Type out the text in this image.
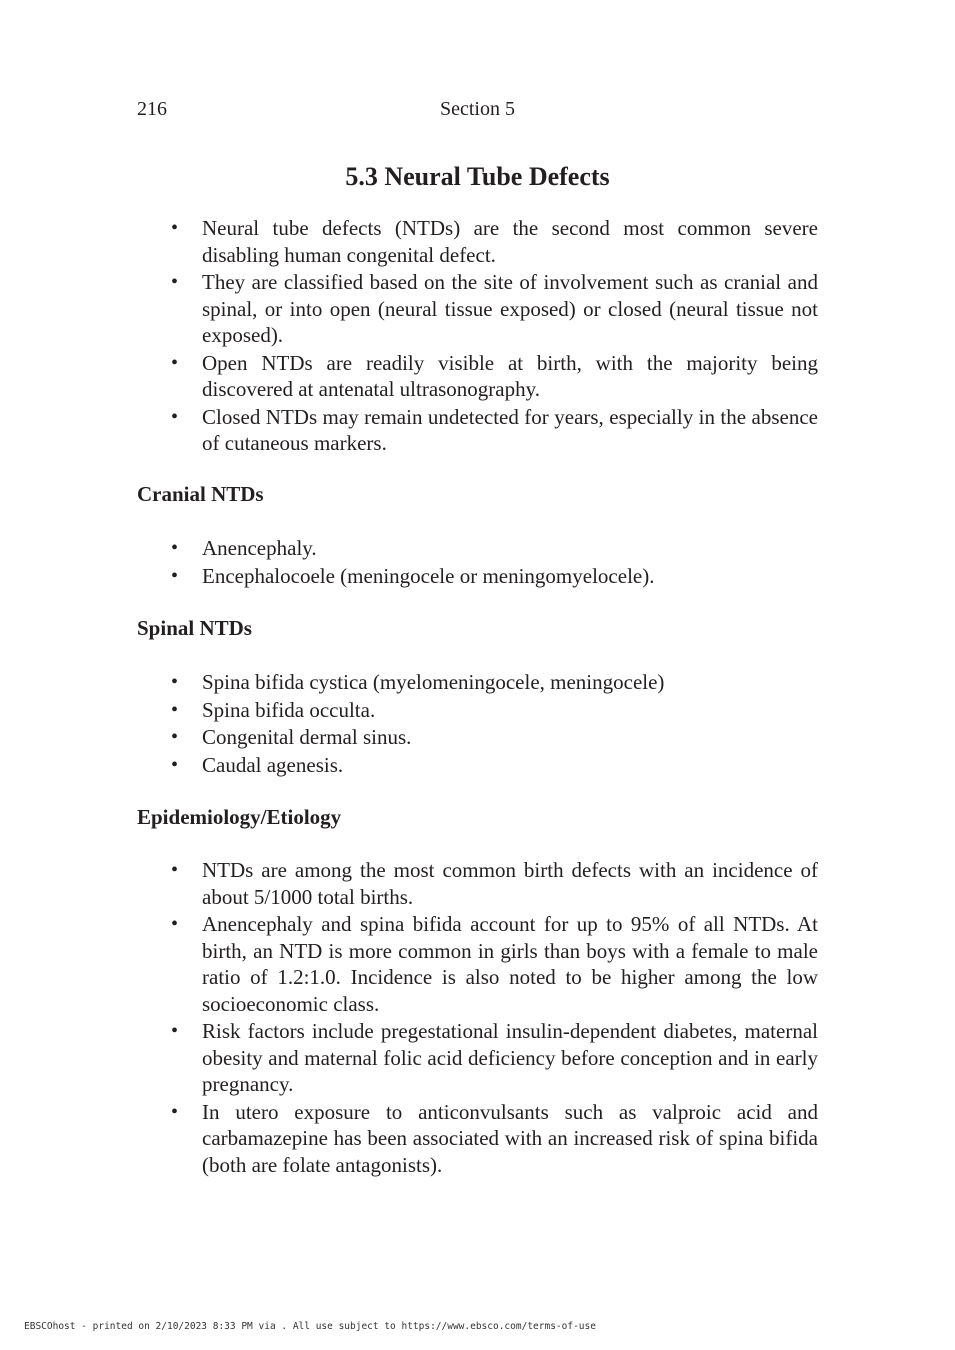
216	Section 5
5.3 Neural Tube Defects
• Neural tube defects (NTDs) are the second most common severe disabling human congenital defect.
• They are classified based on the site of involvement such as cranial and spinal, or into open (neural tissue exposed) or closed (neural tissue not exposed).
• Open NTDs are readily visible at birth, with the majority being discovered at antenatal ultrasonography.
• Closed NTDs may remain undetected for years, especially in the absence of cutaneous markers.
Cranial NTDs
• Anencephaly.
• Encephalocoele (meningocele or meningomyelocele).
Spinal NTDs
• Spina bifida cystica (myelomeningocele, meningocele)
• Spina bifida occulta.
• Congenital dermal sinus.
• Caudal agenesis.
Epidemiology/Etiology
• NTDs are among the most common birth defects with an incidence of about 5/1000 total births.
• Anencephaly and spina bifida account for up to 95% of all NTDs. At birth, an NTD is more common in girls than boys with a female to male ratio of 1.2:1.0. Incidence is also noted to be higher among the low socioeconomic class.
• Risk factors include pregestational insulin-dependent diabetes, maternal obesity and maternal folic acid deficiency before conception and in early pregnancy.
• In utero exposure to anticonvulsants such as valproic acid and carbamazepine has been associated with an increased risk of spina bifida (both are folate antagonists).
EBSCOhost - printed on 2/10/2023 8:33 PM via . All use subject to https://www.ebsco.com/terms-of-use
